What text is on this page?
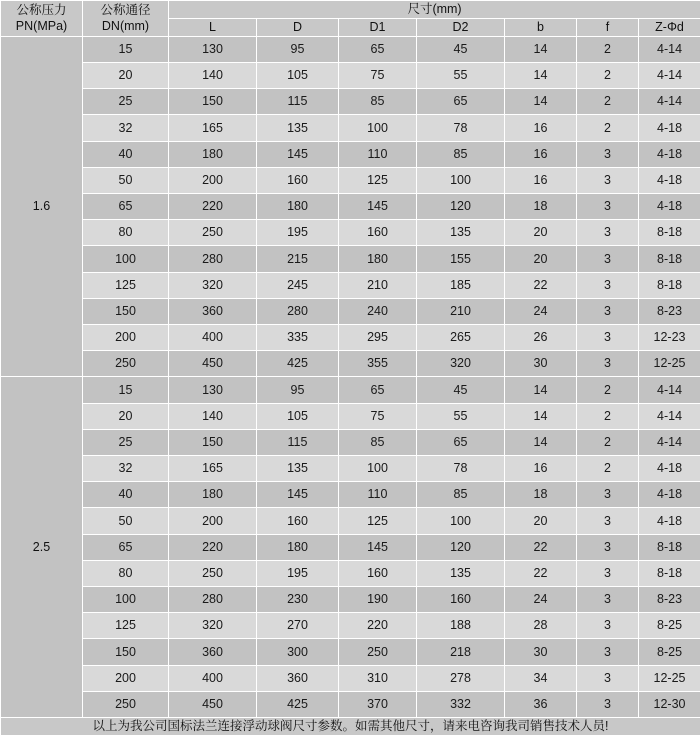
公称压力
PN(MPa)

公称通径
DN(mm)
	尺寸(mm)
		L	D	D1	D2	b	f	Z-Φd
1.6	15	130	95	65	45	14	2	4-14
	20	140	105	75	55	14	2	4-14
	25	150	115	85	65	14	2	4-14
	32	165	135	100	78	16	2	4-18
	40	180	145	110	85	16	3	4-18
	50	200	160	125	100	16	3	4-18
	65	220	180	145	120	18	3	4-18
	80	250	195	160	135	20	3	8-18
	100	280	215	180	155	20	3	8-18
	125	320	245	210	185	22	3	8-18
	150	360	280	240	210	24	3	8-23
	200	400	335	295	265	26	3	12-23
	250	450	425	355	320	30	3	12-25
2.5	15	130	95	65	45	14	2	4-14
	20	140	105	75	55	14	2	4-14
	25	150	115	85	65	14	2	4-14
	32	165	135	100	78	16	2	4-18
	40	180	145	110	85	18	3	4-18
	50	200	160	125	100	20	3	4-18
	65	220	180	145	120	22	3	8-18
	80	250	195	160	135	22	3	8-18
	100	280	230	190	160	24	3	8-23
	125	320	270	220	188	28	3	8-25
	150	360	300	250	218	30	3	8-25
	200	400	360	310	278	34	3	12-25
	250	450	425	370	332	36	3	12-30
以上为我公司国标法兰连接浮动球阀尺寸参数。如需其他尺寸，请来电咨询我司销售技术人员!								
